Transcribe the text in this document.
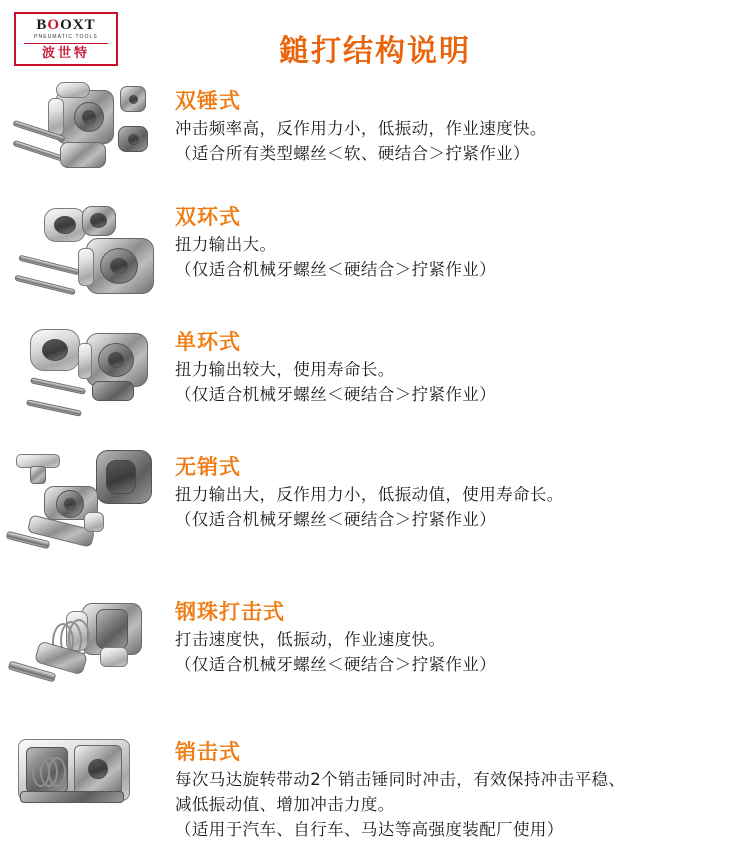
BOOXT
PNEUMATIC TOOLS
波世特	鎚打结构说明
双锤式
冲击频率高，反作用力小，低振动，作业速度快。
（适合所有类型螺丝＜软、硬结合＞拧紧作业）
双环式
扭力输出大。
（仅适合机械牙螺丝＜硬结合＞拧紧作业）
单环式
扭力输出较大，使用寿命长。
（仅适合机械牙螺丝＜硬结合＞拧紧作业）
无销式
扭力输出大，反作用力小，低振动值，使用寿命长。
（仅适合机械牙螺丝＜硬结合＞拧紧作业）
钢珠打击式
打击速度快，低振动，作业速度快。
（仅适合机械牙螺丝＜硬结合＞拧紧作业）
销击式
每次马达旋转带动2个销击锤同时冲击，有效保持冲击平稳、
减低振动值、增加冲击力度。
（适用于汽车、自行车、马达等高强度装配厂使用）
